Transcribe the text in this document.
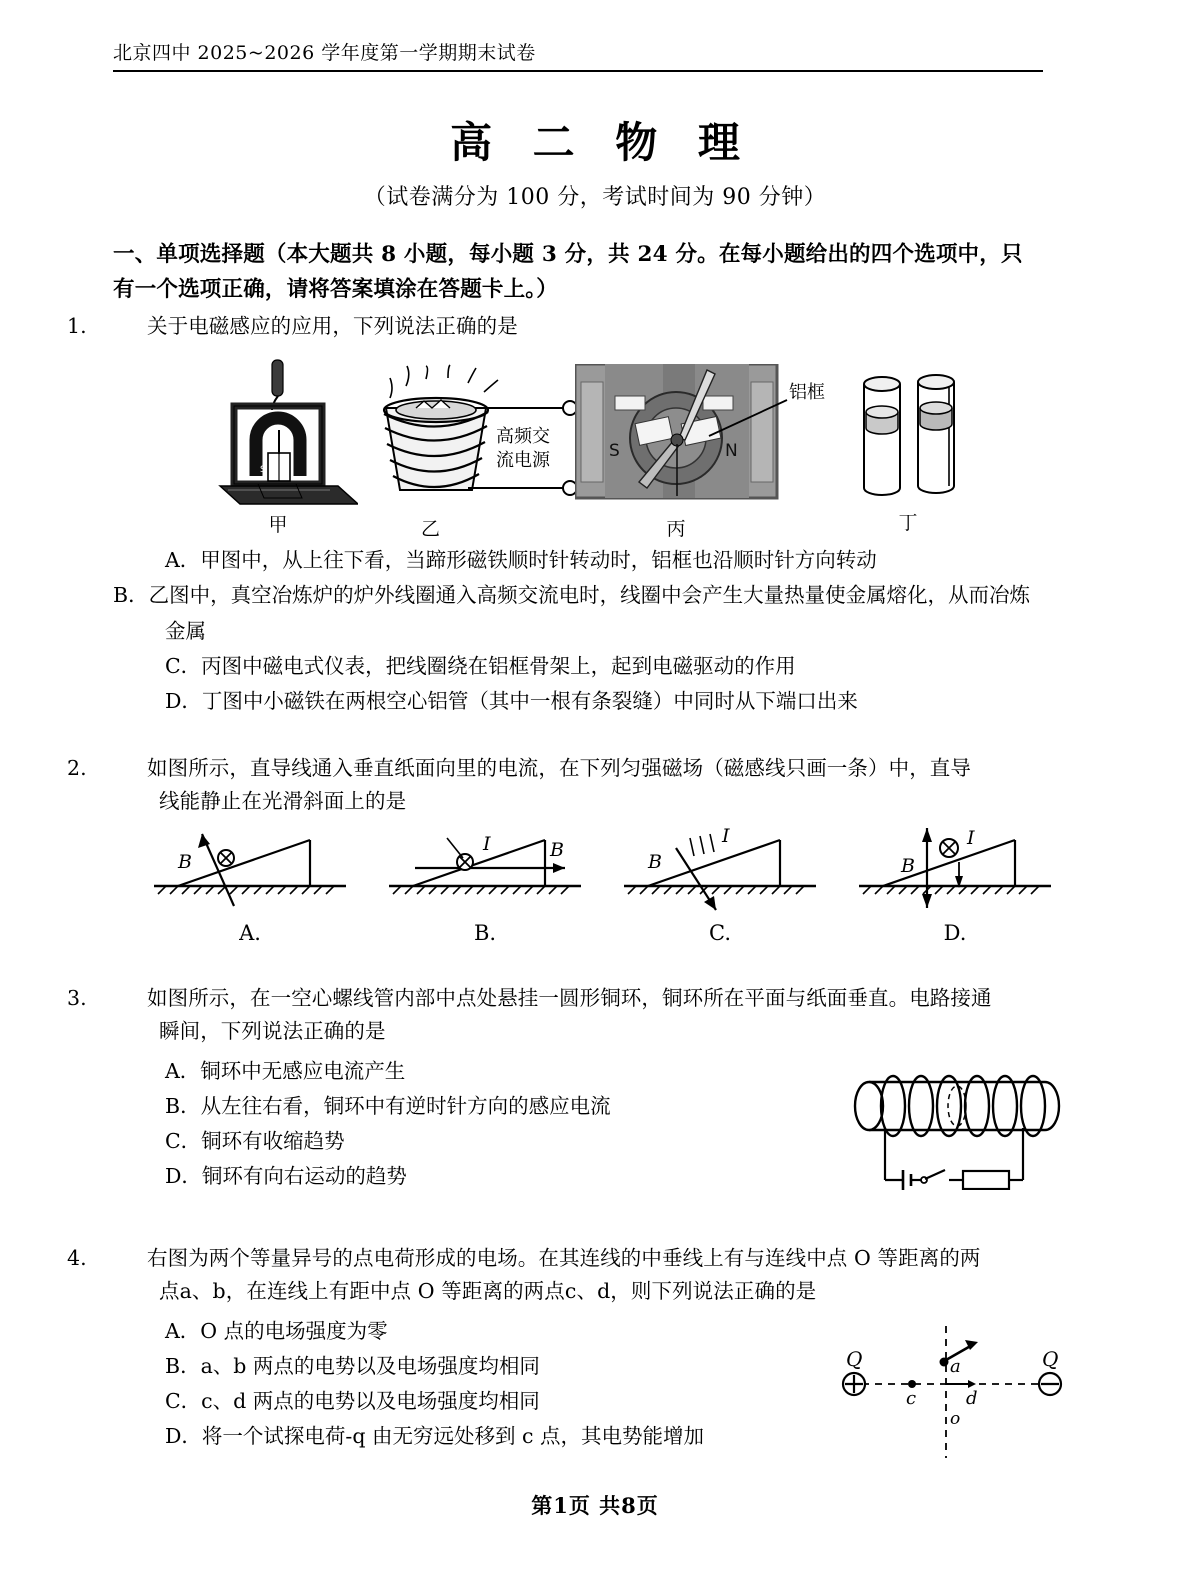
北京四中 2025~2026 学年度第一学期期末试卷
高 二 物 理
（试卷满分为 100 分，考试时间为 90 分钟）
一、单项选择题（本大题共 8 小题，每小题 3 分，共 24 分。在每小题给出的四个选项中，只有一个选项正确，请将答案填涂在答题卡上。）
1.	关于电磁感应的应用，下列说法正确的是
S
甲
高频交
流电源
乙
S	N
铝框
丙	丁
A．甲图中，从上往下看，当蹄形磁铁顺时针转动时，铝框也沿顺时针方向转动
B．乙图中，真空冶炼炉的炉外线圈通入高频交流电时，线圈中会产生大量热量使金属熔化，从而冶炼金属
C．丙图中磁电式仪表，把线圈绕在铝框骨架上，起到电磁驱动的作用
D．丁图中小磁铁在两根空心铝管（其中一根有条裂缝）中同时从下端口出来
2.	如图所示，直导线通入垂直纸面向里的电流，在下列匀强磁场（磁感线只画一条）中，直导
线能静止在光滑斜面上的是
B
A.
B
I
B.
B
I
C.
B
I
D.
3.	如图所示，在一空心螺线管内部中点处悬挂一圆形铜环，铜环所在平面与纸面垂直。电路接通
瞬间，下列说法正确的是
A．铜环中无感应电流产生
B．从左往右看，铜环中有逆时针方向的感应电流
C．铜环有收缩趋势
D．铜环有向右运动的趋势
4.	右图为两个等量异号的点电荷形成的电场。在其连线的中垂线上有与连线中点 O 等距离的两
点a、b，在连线上有距中点 O 等距离的两点c、d，则下列说法正确的是
A．O 点的电场强度为零
B．a、b 两点的电势以及电场强度均相同
C．c、d 两点的电势以及电场强度均相同
D．将一个试探电荷-q 由无穷远处移到 c 点，其电势能增加
Q	Q
c	d
a
o
第1页 共8页
